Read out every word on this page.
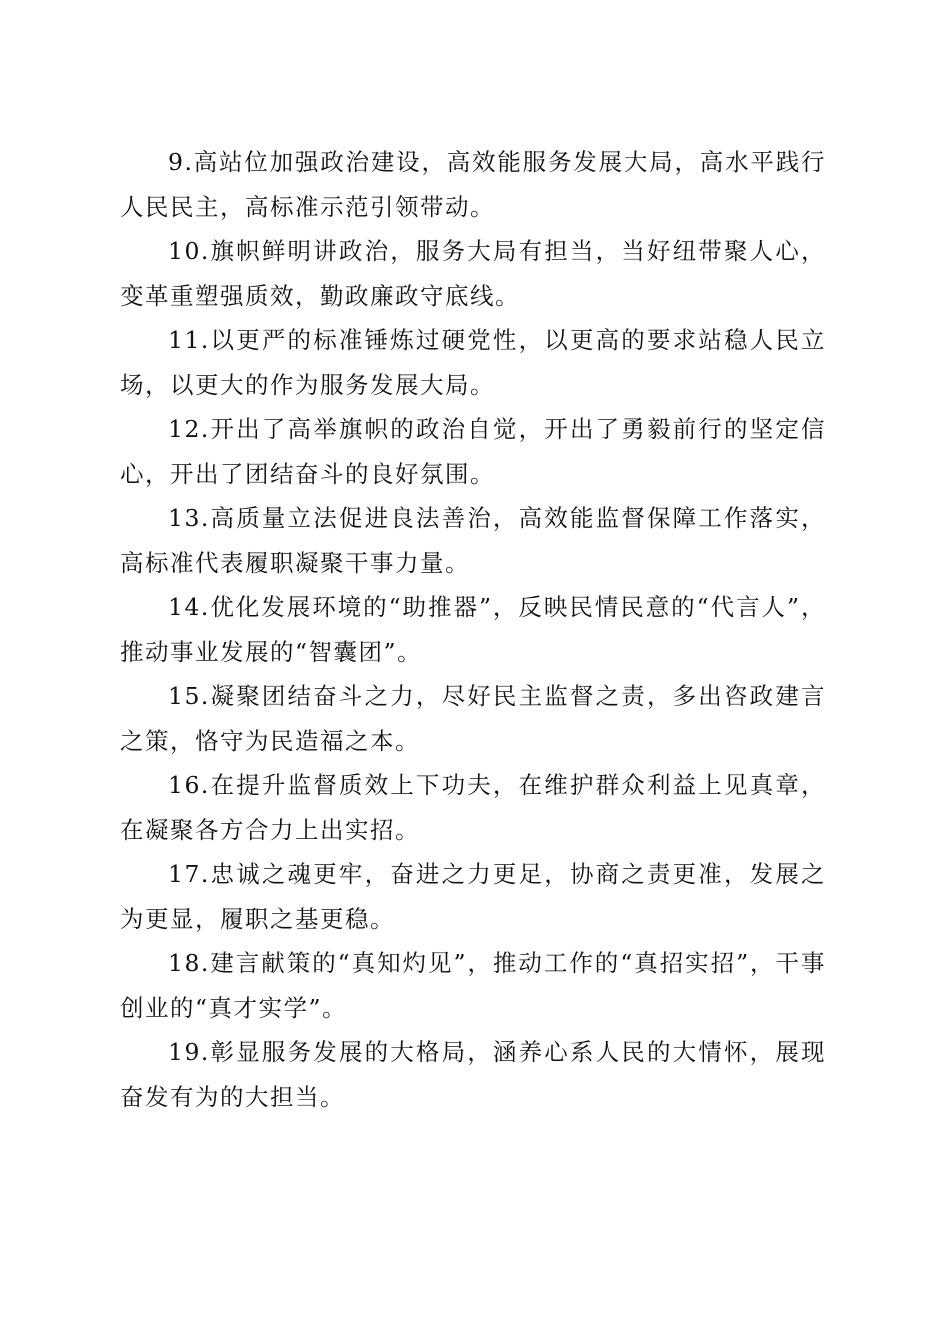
9.高站位加强政治建设，高效能服务发展大局，高水平践行人民民主，高标准示范引领带动。

10.旗帜鲜明讲政治，服务大局有担当，当好纽带聚人心，变革重塑强质效，勤政廉政守底线。

11.以更严的标准锤炼过硬党性，以更高的要求站稳人民立场，以更大的作为服务发展大局。

12.开出了高举旗帜的政治自觉，开出了勇毅前行的坚定信心，开出了团结奋斗的良好氛围。

13.高质量立法促进良法善治，高效能监督保障工作落实，高标准代表履职凝聚干事力量。

14.优化发展环境的“助推器”，反映民情民意的“代言人”，推动事业发展的“智囊团”。

15.凝聚团结奋斗之力，尽好民主监督之责，多出咨政建言之策，恪守为民造福之本。

16.在提升监督质效上下功夫，在维护群众利益上见真章，在凝聚各方合力上出实招。

17.忠诚之魂更牢，奋进之力更足，协商之责更准，发展之为更显，履职之基更稳。

18.建言献策的“真知灼见”，推动工作的“真招实招”，干事创业的“真才实学”。

19.彰显服务发展的大格局，涵养心系人民的大情怀，展现奋发有为的大担当。
